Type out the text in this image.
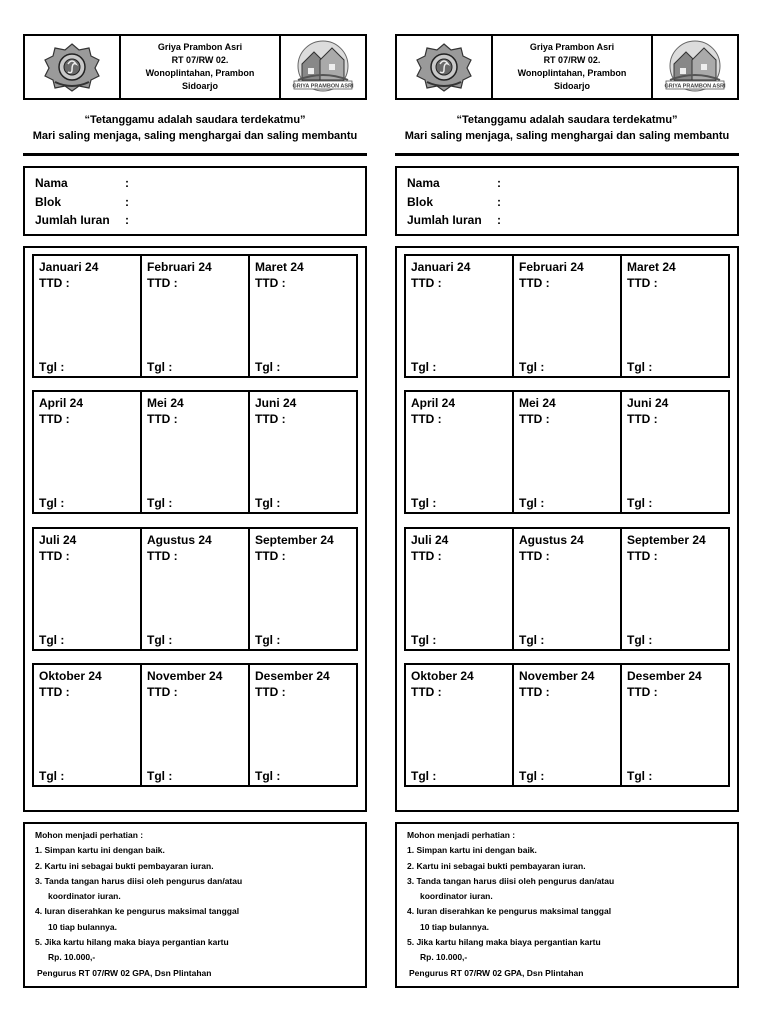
Griya Prambon Asri
RT 07/RW 02.
Wonoplintahan, Prambon
Sidoarjo	GRIYA PRAMBON ASRI
“Tetanggamu adalah saudara terdekatmu”
Mari saling menjaga, saling menghargai dan saling membantu
Nama	:
Blok	:
Jumlah Iuran	:
Januari 24
TTD :
Tgl :
Februari 24
TTD :
Tgl :
Maret 24
TTD :
Tgl :
April 24
TTD :
Tgl :
Mei 24
TTD :
Tgl :
Juni 24
TTD :
Tgl :
Juli 24
TTD :
Tgl :
Agustus 24
TTD :
Tgl :
September 24
TTD :
Tgl :
Oktober 24
TTD :
Tgl :
November 24
TTD :
Tgl :
Desember 24
TTD :
Tgl :
Mohon menjadi perhatian :
1. Simpan kartu ini dengan baik.
2. Kartu ini sebagai bukti pembayaran iuran.
3. Tanda tangan harus diisi oleh pengurus dan/atau
koordinator iuran.
4. Iuran diserahkan ke pengurus maksimal tanggal
10 tiap bulannya.
5. Jika kartu hilang maka biaya pergantian kartu
Rp. 10.000,-
Pengurus RT 07/RW 02 GPA, Dsn Plintahan
Griya Prambon Asri
RT 07/RW 02.
Wonoplintahan, Prambon
Sidoarjo	GRIYA PRAMBON ASRI
“Tetanggamu adalah saudara terdekatmu”
Mari saling menjaga, saling menghargai dan saling membantu
Nama	:
Blok	:
Jumlah Iuran	:
Januari 24
TTD :
Tgl :
Februari 24
TTD :
Tgl :
Maret 24
TTD :
Tgl :
April 24
TTD :
Tgl :
Mei 24
TTD :
Tgl :
Juni 24
TTD :
Tgl :
Juli 24
TTD :
Tgl :
Agustus 24
TTD :
Tgl :
September 24
TTD :
Tgl :
Oktober 24
TTD :
Tgl :
November 24
TTD :
Tgl :
Desember 24
TTD :
Tgl :
Mohon menjadi perhatian :
1. Simpan kartu ini dengan baik.
2. Kartu ini sebagai bukti pembayaran iuran.
3. Tanda tangan harus diisi oleh pengurus dan/atau
koordinator iuran.
4. Iuran diserahkan ke pengurus maksimal tanggal
10 tiap bulannya.
5. Jika kartu hilang maka biaya pergantian kartu
Rp. 10.000,-
Pengurus RT 07/RW 02 GPA, Dsn Plintahan
